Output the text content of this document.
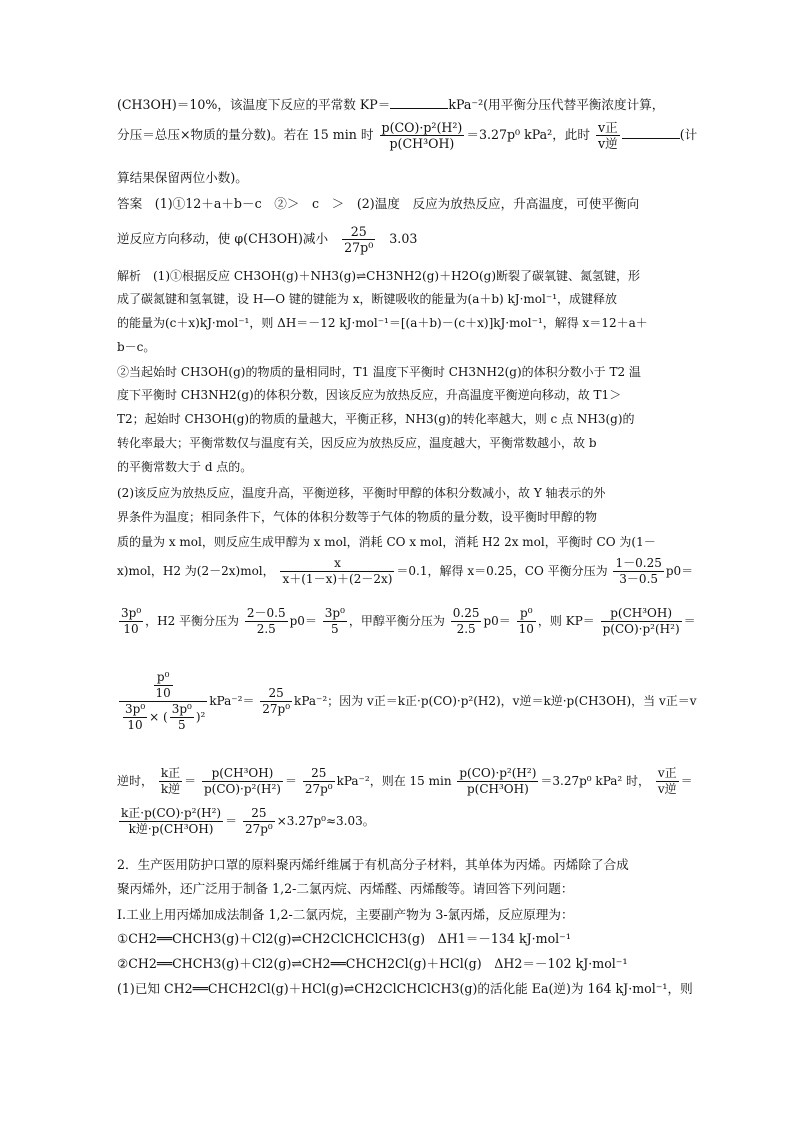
(CH3OH)＝10%，该温度下反应的平常数 KP＝	kPa⁻²(用平衡分压代替平衡浓度计算，
分压＝总压×物质的量分数)。若在 15 min 时 $\frac{\text{p(CO)·p²(H²)}}{\text{p(CH³OH)}} =3.27p^0$ kPa²，此时 $\frac{\text{v正}}{\text{v逆}}$	(计
算结果保留两位小数)。
答案　(1)①12＋a＋b－c　②＞　c　＞　(2)温度　反应为放热反应，升高温度，可使平衡向
逆反应方向移动，使 φ(CH3OH)减小 $\frac{25}{\text{27p⁰}} 3.03$
解析　(1)①根据反应 CH3OH(g)＋NH3(g)⇌CH3NH2(g)＋H2O(g)断裂了碳氧键、氮氢键，形
成了碳氮键和氢氧键，设 H—O 键的键能为 x，断键吸收的能量为(a＋b) kJ·mol⁻¹，成键释放
的能量为(c＋x)kJ·mol⁻¹，则 ΔH＝－12 kJ·mol⁻¹＝[(a＋b)－(c＋x)]kJ·mol⁻¹，解得 x＝12＋a＋
b－c。
②当起始时 CH3OH(g)的物质的量相同时，T1 温度下平衡时 CH3NH2(g)的体积分数小于 T2 温
度下平衡时 CH3NH2(g)的体积分数，因该反应为放热反应，升高温度平衡逆向移动，故 T1＞
T2；起始时 CH3OH(g)的物质的量越大，平衡正移，NH3(g)的转化率越大，则 c 点 NH3(g)的
转化率最大；平衡常数仅与温度有关，因反应为放热反应，温度越大，平衡常数越小，故 b
的平衡常数大于 d 点的。
(2)该反应为放热反应，温度升高，平衡逆移，平衡时甲醇的体积分数减小，故 Y 轴表示的外
界条件为温度；相同条件下，气体的体积分数等于气体的物质的量分数，设平衡时甲醇的物
质的量为 x mol，则反应生成甲醇为 x mol，消耗 CO x mol，消耗 H2 2x mol，平衡时 CO 为(1－
x)mol，H2 为(2－2x)mol， $\frac{x}{x+(1-x)+(2-2x)} =0.1$，解得 x＝0.25，CO 平衡分压为 $\frac{1-0.25}{3-0.5} p0=$
$\frac{\text{3p⁰}}{10}$ ，H2 平衡分压为 $\frac{2-0.5}{2.5} p0= \frac{\text{3p⁰}}{5}$ ，甲醇平衡分压为 $\frac{0.25}{2.5} p0= \frac{\text{p⁰}}{10}$ ，则 $KP= \frac{\text{p(CH³OH)}}{\text{p(CO)·p²(H²)}}$ ＝
$\frac{\frac{\text{p⁰}}{10}}{\frac{\text{3p⁰}}{10} \times ( \frac{\text{3p⁰}}{5} )^2} kPa^{-2}= \frac{25}{\text{27p⁰}} kPa^{-2}$；因为 v正＝k正·p(CO)·p²(H2)，v逆＝k逆·p(CH3OH)，当 v正＝v
逆时， $\frac{\text{k正}}{\text{k逆}} = \frac{\text{p(CH³OH)}}{\text{p(CO)·p²(H²)}} = \frac{25}{\text{27p⁰}} kPa^{-2}$，则在 15 $\min \frac{\text{p(CO)·p²(H²)}}{\text{p(CH³OH)}} =3.27p^0$ kPa² 时， $\frac{\text{v正}}{\text{v逆}}$ ＝
$\frac{\text{k正·p(CO)·p²(H²)}}{\text{k逆·p(CH³OH)}} = \frac{25}{\text{27p⁰}} \times 3.27p^0\approx 3.03$。
2．生产医用防护口罩的原料聚丙烯纤维属于有机高分子材料，其单体为丙烯。丙烯除了合成
聚丙烯外，还广泛用于制备 1,2-二氯丙烷、丙烯醛、丙烯酸等。请回答下列问题：
Ⅰ.工业上用丙烯加成法制备 1,2-二氯丙烷，主要副产物为 3-氯丙烯，反应原理为：
①CH2══CHCH3(g)＋Cl2(g)⇌CH2ClCHClCH3(g)　ΔH1＝－134 kJ·mol⁻¹
②CH2══CHCH3(g)＋Cl2(g)⇌CH2══CHCH2Cl(g)＋HCl(g)　ΔH2＝－102 kJ·mol⁻¹
(1)已知 CH2══CHCH2Cl(g)＋HCl(g)⇌CH2ClCHClCH3(g)的活化能 Ea(逆)为 164 kJ·mol⁻¹，则
